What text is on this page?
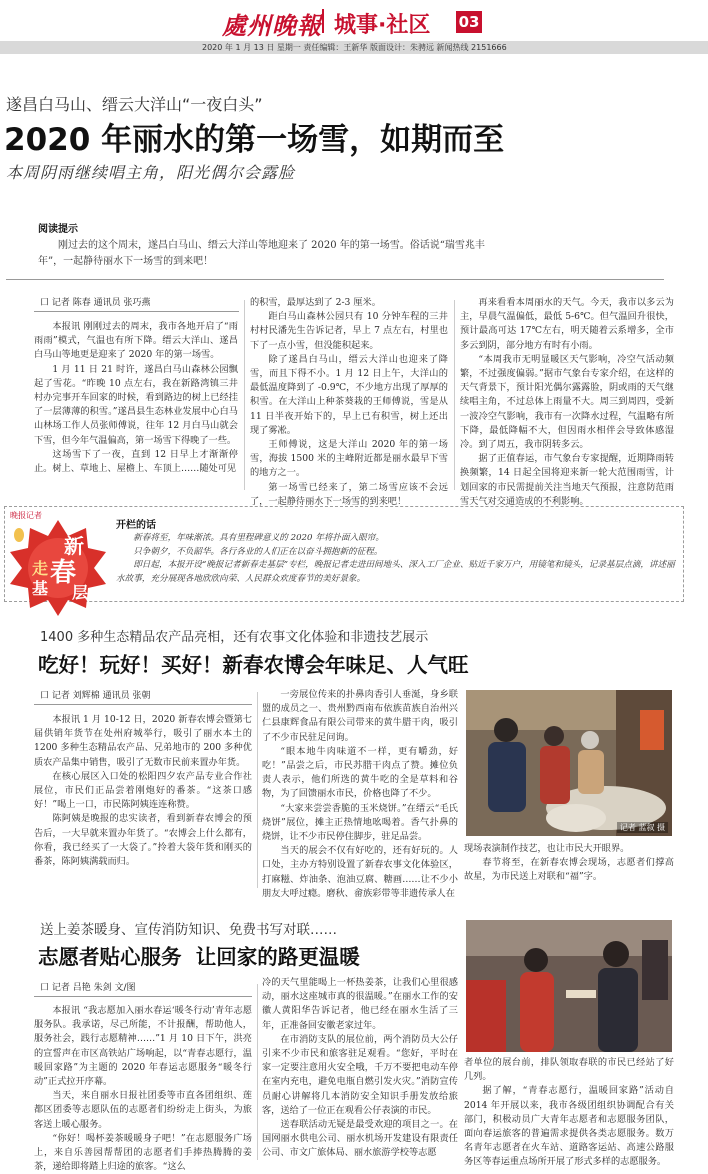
處州晚報 城事·社区 03
2020 年 1 月 13 日 星期一 责任编辑：王新华 版面设计：朱骋远 新闻热线 2151666
遂昌白马山、缙云大洋山“一夜白头”
2020 年丽水的第一场雪，如期而至
本周阴雨继续唱主角，阳光偶尔会露脸
阅读提示
刚过去的这个周末，遂昌白马山、缙云大洋山等地迎来了 2020 年的第一场雪。俗话说“瑞雪兆丰年”，一起静待丽水下一场雪的到来吧！
口 记者 陈春 通讯员 张巧燕

本报讯 刚刚过去的周末，我市各地开启了“雨雨雨”模式，气温也有所下降。缙云大洋山、遂昌白马山等地更是迎来了 2020 年的第一场雪。

1 月 11 日 21 时许，遂昌白马山森林公园飘起了雪花。“昨晚 10 点左右，我在新路湾镇三井村办完事开车回家的时候，看到路边的树上已经挂了一层薄薄的积雪。”遂昌县生态林业发展中心白马山林场工作人员张师傅说，往年 12 月白马山就会下雪，但今年气温偏高，第一场雪下得晚了一些。

这场雪下了一夜，直到 12 日早上才渐渐停止。树上、草地上、屋檐上、车顶上……随处可见

的积雪，最厚达到了 2-3 厘米。

距白马山森林公园只有 10 分钟车程的三井村村民潘先生告诉记者，早上 7 点左右，村里也下了一点小雪，但没能积起来。

除了遂昌白马山，缙云大洋山也迎来了降雪，而且下得不小。1 月 12 日上午，大洋山的最低温度降到了 -0.9℃，不少地方出现了厚厚的积雪。在大洋山上种茶葵栽的王师傅说，雪是从 11 日半夜开始下的，早上已有积雪，树上还出现了雾凇。

王师傅说，这是大洋山 2020 年的第一场雪，海拔 1500 米的主峰附近都是丽水最早下雪的地方之一。

第一场雪已经来了，第二场雪应该不会远了，一起静待丽水下一场雪的到来吧！

再来看看本周丽水的天气。今天，我市以多云为主，早晨气温偏低，最低 5-6℃。但气温回升很快，预计最高可达 17℃左右，明天随着云系增多，全市多云到阴，部分地方有时有小雨。

“本周我市无明显暖区天气影响，冷空气活动频繁，不过强度偏弱。”据市气象台专家介绍，在这样的天气背景下，预计阳光偶尔露露脸，阴或雨的天气继续唱主角，不过总体上雨量不大。周三到周四，受新一波冷空气影响，我市有一次降水过程，气温略有所下降，最低降幅不大，但因雨水相伴会导致体感湿冷。到了周五，我市阴转多云。

据了正值春运，市气象台专家提醒，近期降雨转换频繁，14 日起全国将迎来新一轮大范围雨雪，计划回家的市民需提前关注当地天气预报，注意防范雨雪天气对交通造成的不利影响。

晚报记者
新
春
走
基 层
开栏的话

新春将至，年味渐浓。具有里程碑意义的 2020 年将扑面入眼帘。

只争朝夕，不负韶华。各行各业的人们正在以奋斗拥抱新的征程。

即日起，本报开设“晚报记者新春走基层”专栏，晚报记者走进田间地头、深入工厂企业、贴近千家万户，用镜笔和镜头，记录基层点滴，讲述丽水故事，充分展现各地欣欣向荣、人民群众欢度春节的美好景象。

1400 多种生态精品农产品亮相，还有农事文化体验和非遗技艺展示
吃好！玩好！买好！新春农博会年味足、人气旺
口 记者 刘辉棉 通讯员 张朝

本报讯 1 月 10-12 日，2020 新春农博会暨第七届供销年货节在处州府城举行，吸引了丽水本土的 1200 多种生态精品农产品、兄弟地市的 200 多种优质农产品集中销售，吸引了无数市民前来置办年货。

在核心展区入口处的松阳四夕农产品专业合作社展位，市民们正品尝着刚炮好的番茶。“这茶口感好！”喝上一口，市民陈阿姨连连称赞。

陈阿姨是晚报的忠实读者，看到新春农博会的预告后，一大早就来置办年货了。“农博会上什么都有，你看，我已经买了一大袋了。”拎着大袋年货和刚买的番茶，陈阿姨满载而归。

一旁展位传来的扑鼻肉香引人垂涎，身乡联盟的成员之一、贵州黔西南布依族苗族自治州兴仁县康辉食品有限公司带来的黄牛腊干肉，吸引了不少市民驻足问询。

“眼本地牛肉味道不一样，更有嚼劲，好吃！”品尝之后，市民苏腊干肉点了赞。摊位负责人表示，他们所选的黄牛吃的全是草料和谷物，为了回馈丽水市民，价格也降了不少。

“大家来尝尝香脆的玉米烧饼。”在缙云“毛氏烧饼”展位，摊主正热情地吆喝着。香气扑鼻的烧饼，让不少市民停住脚步，驻足品尝。

当天的展会不仅有好吃的，还有好玩的。人口处，主办方特别设置了新春农事文化体验区，打麻糍、炸油条、泡油豆腐、糖画……让不少小朋友大呼过瘾。磨秋、畲族彩带等非遗传承人在

记者 蓝叙 摄

现场表演制作技艺，也让市民大开眼界。

春节将至，在新春农博会现场，志愿者们撑高故星，为市民送上对联和“福”字。

送上姜茶暖身、宣传消防知识、免费书写对联……
志愿者贴心服务  让回家的路更温暖
口 记者 吕艳 朱剑 文/图

本报讯 “我志愿加入丽水春运‘暖冬行动’青年志愿服务队。我承诺，尽己所能，不计报酬，帮助他人，服务社会，践行志愿精神……”1 月 10 日下午，洪亮的宣誓声在市区高铁站广场响起，以“青春志愿行，温暖回家路”为主题的 2020 年春运志愿服务“暖冬行动”正式拉开序幕。

当天，来自丽水日报社团委等市直各团组织、莲都区团委等志愿队伍的志愿者们纷纷走上街头，为旅客送上暖心服务。

“你好！喝杯姜茶暖暖身子吧！”在志愿服务广场上，来自乐善园帮帮团的志愿者们手捧热腾腾的姜茶，递给即将踏上归途的旅客。“这么

冷的天气里能喝上一杯热姜茶，让我们心里很感动，丽水这座城市真的很温暖。”在丽水工作的安徽人黄阳华告诉记者，他已经在丽水生活了三年，正准备回安徽老家过年。

在市消防支队的展位前，两个消防员大公仔引来不少市民和旅客驻足观看。“您好，平时在家一定要注意用火安全哦，千万不要把电动车停在室内充电，避免电瓶自燃引发火灾。”消防宣传员耐心讲解将几本消防安全知识手册发放给旅客，送给了一位正在观看公仔表演的市民。

送春联活动无疑是最受欢迎的项目之一。在国网丽水供电公司、丽水机场开发建设有限责任公司、市文广旅体局、丽水旅游学校等志愿

者单位的展台前，排队领取春联的市民已经站了好几列。

据了解，“青春志愿行，温暖回家路”活动自 2014 年开展以来，我市各级团组织协调配合有关部门，积极动员广大青年志愿者和志愿服务团队，面向春运旅客的普遍需求提供各类志愿服务。数万名青年志愿者在火车站、道路客运站、高速公路服务区等春运重点场所开展了形式多样的志愿服务。
